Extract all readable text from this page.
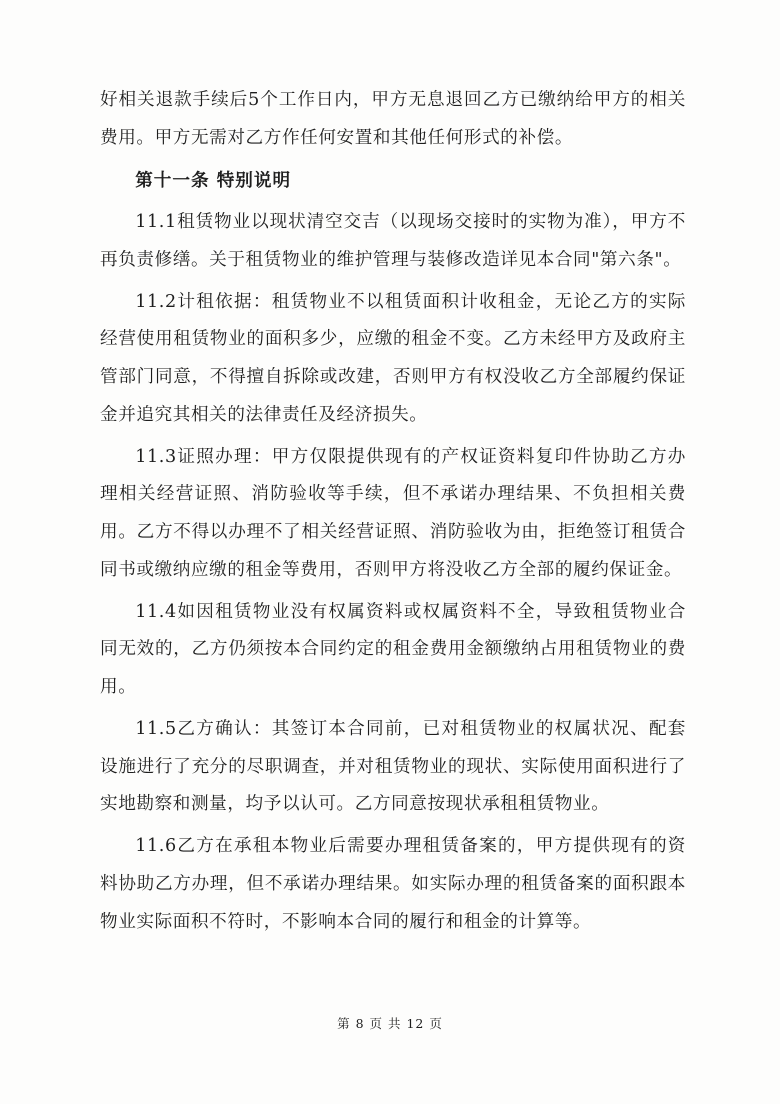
好相关退款手续后5个工作日内，甲方无息退回乙方已缴纳给甲方的相关费用。甲方无需对乙方作任何安置和其他任何形式的补偿。

第十一条 特别说明

11.1租赁物业以现状清空交吉（以现场交接时的实物为准），甲方不再负责修缮。关于租赁物业的维护管理与装修改造详见本合同"第六条"。

11.2计租依据：租赁物业不以租赁面积计收租金，无论乙方的实际经营使用租赁物业的面积多少，应缴的租金不变。乙方未经甲方及政府主管部门同意，不得擅自拆除或改建，否则甲方有权没收乙方全部履约保证金并追究其相关的法律责任及经济损失。

11.3证照办理：甲方仅限提供现有的产权证资料复印件协助乙方办理相关经营证照、消防验收等手续，但不承诺办理结果、不负担相关费用。乙方不得以办理不了相关经营证照、消防验收为由，拒绝签订租赁合同书或缴纳应缴的租金等费用，否则甲方将没收乙方全部的履约保证金。

11.4如因租赁物业没有权属资料或权属资料不全，导致租赁物业合同无效的，乙方仍须按本合同约定的租金费用金额缴纳占用租赁物业的费用。

11.5乙方确认：其签订本合同前，已对租赁物业的权属状况、配套设施进行了充分的尽职调查，并对租赁物业的现状、实际使用面积进行了实地勘察和测量，均予以认可。乙方同意按现状承租租赁物业。

11.6乙方在承租本物业后需要办理租赁备案的，甲方提供现有的资料协助乙方办理，但不承诺办理结果。如实际办理的租赁备案的面积跟本物业实际面积不符时，不影响本合同的履行和租金的计算等。

第 8 页 共 12 页
